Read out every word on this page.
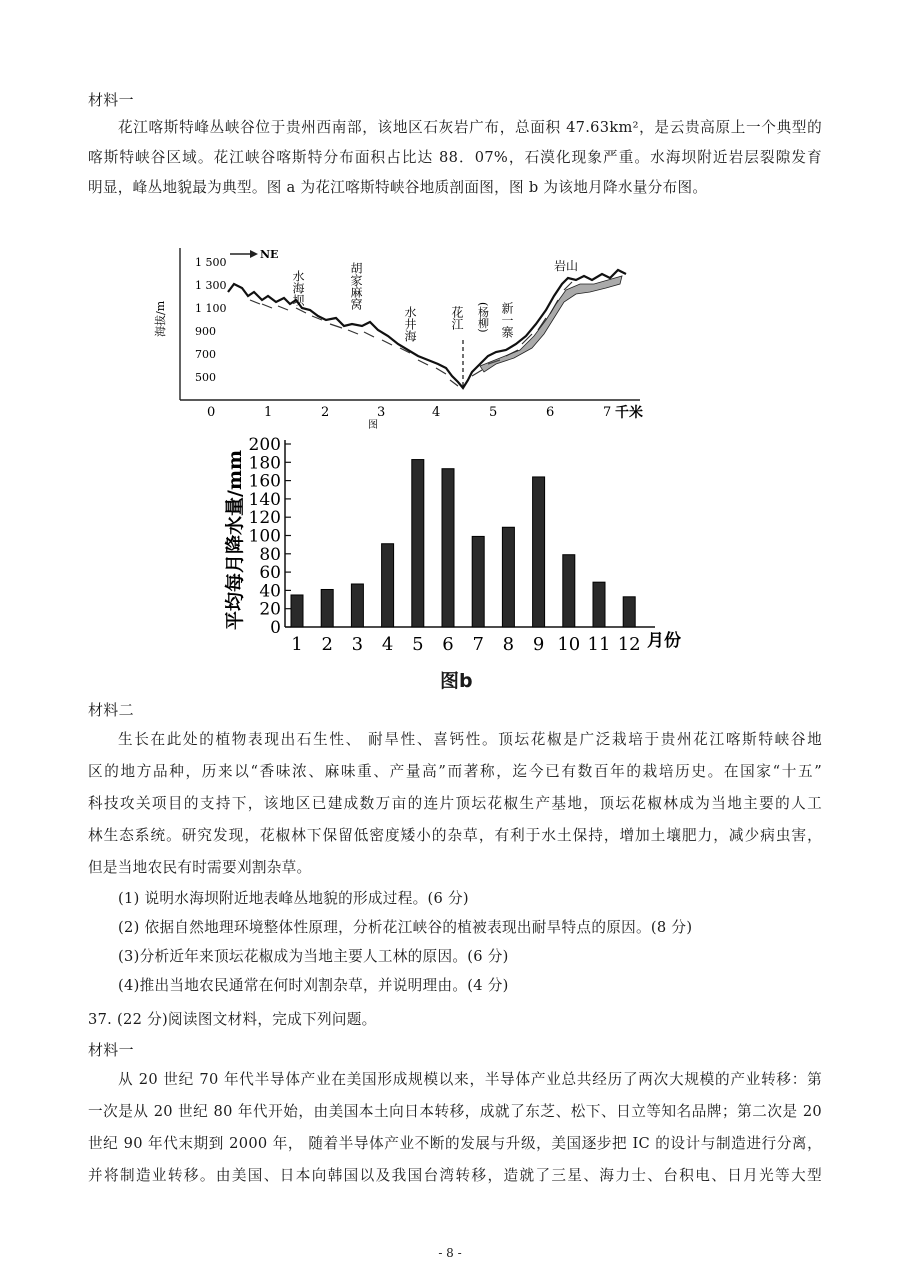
材料一
花江喀斯特峰丛峡谷位于贵州西南部，该地区石灰岩广布，总面积 47.63km²，是云贵高原上一个典型的
喀斯特峡谷区域。花江峡谷喀斯特分布面积占比达 88．07%，石漠化现象严重。水海坝附近岩层裂隙发育
明显，峰丛地貌最为典型。图 a 为花江喀斯特峡谷地质剖面图，图 b 为该地月降水量分布图。
NE
1 500
1 300
1 100
900
700
500
海拔/m
0	1	2	3	4	5	6	7 千米
图
水海坝	胡家麻窝
水井海	花江 (杨柳) 新一寨
岩山
0
20
40
60
80
100
120
140
160
180
200
1 2 3 4 5 6 7 8 9 10 11 12
平均每月降水量/mm
月份
图b
材料二
生长在此处的植物表现出石生性、 耐旱性、喜钙性。顶坛花椒是广泛栽培于贵州花江喀斯特峡谷地
区的地方品种，历来以“香味浓、麻味重、产量高”而著称，迄今已有数百年的栽培历史。在国家“十五”
科技攻关项目的支持下，该地区已建成数万亩的连片顶坛花椒生产基地，顶坛花椒林成为当地主要的人工
林生态系统。研究发现，花椒林下保留低密度矮小的杂草，有利于水土保持，增加土壤肥力，减少病虫害，
但是当地农民有时需要刈割杂草。
(1) 说明水海坝附近地表峰丛地貌的形成过程。(6 分)
(2) 依据自然地理环境整体性原理，分析花江峡谷的植被表现出耐旱特点的原因。(8 分)
(3)分析近年来顶坛花椒成为当地主要人工林的原因。(6 分)
(4)推出当地农民通常在何时刈割杂草，并说明理由。(4 分)
37. (22 分)阅读图文材料，完成下列问题。
材料一
从 20 世纪 70 年代半导体产业在美国形成规模以来，半导体产业总共经历了两次大规模的产业转移：第
一次是从 20 世纪 80 年代开始，由美国本土向日本转移，成就了东芝、松下、日立等知名品牌；第二次是 20
世纪 90 年代末期到 2000 年， 随着半导体产业不断的发展与升级，美国逐步把 IC 的设计与制造进行分离，
并将制造业转移。由美国、日本向韩国以及我国台湾转移，造就了三星、海力士、台积电、日月光等大型
- 8 -
